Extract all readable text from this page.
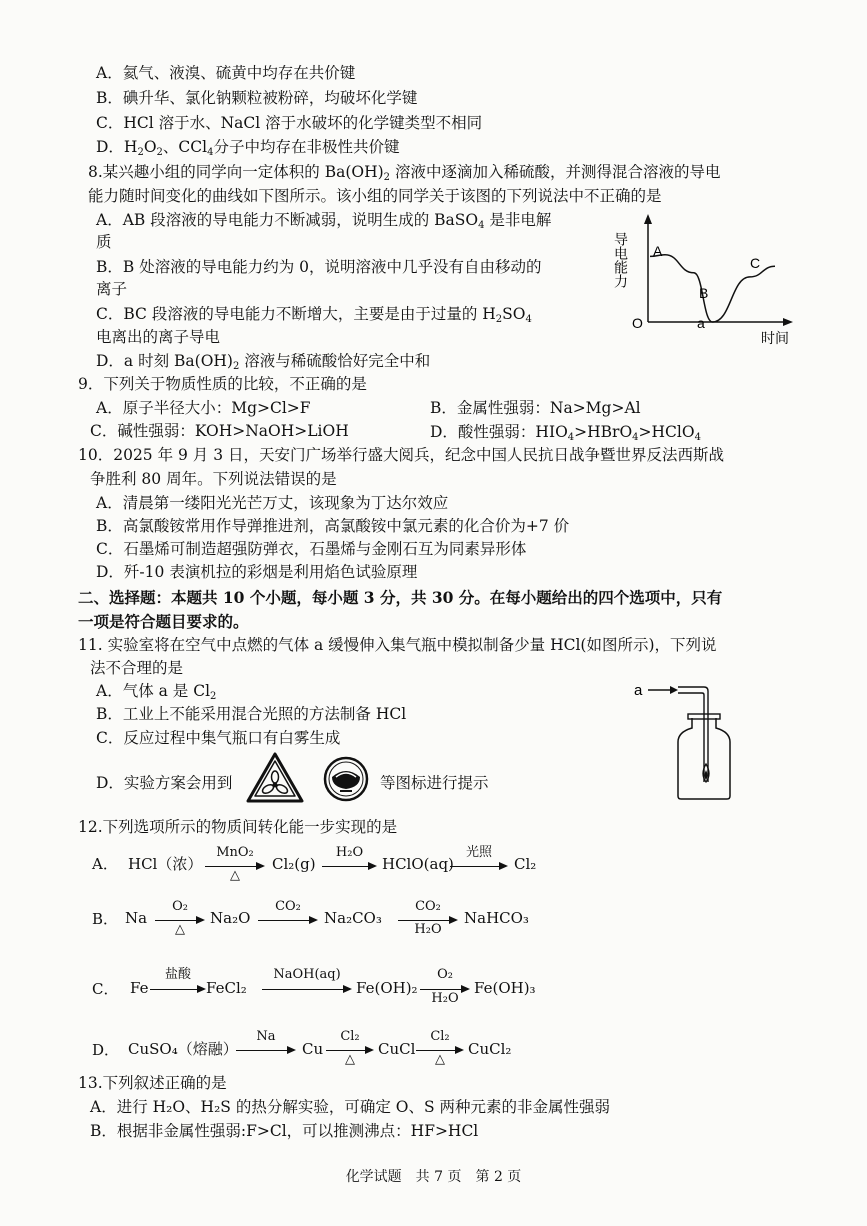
A．氦气、液溴、硫黄中均存在共价键
B．碘升华、氯化钠颗粒被粉碎，均破坏化学键
C．HCl 溶于水、NaCl 溶于水破坏的化学键类型不相同
D．$H_2O_2$、CCl$_4$分子中均存在非极性共价键
8.某兴趣小组的同学向一定体积的 $Ba(OH)_2$ 溶液中逐滴加入稀硫酸，并测得混合溶液的导电
能力随时间变化的曲线如下图所示。该小组的同学关于该图的下列说法中不正确的是
A．AB 段溶液的导电能力不断减弱，说明生成的 BaSO$_4$ 是非电解
质
B．B 处溶液的导电能力约为 0，说明溶液中几乎没有自由移动的
离子
C．BC 段溶液的导电能力不断增大，主要是由于过量的 $H_2SO_4$
电离出的离子导电
D．a 时刻 $Ba(OH)_2$ 溶液与稀硫酸恰好完全中和
导电能力
O
A
B
C
a
时间
9．下列关于物质性质的比较，不正确的是
A．原子半径大小：Mg>Cl>F	B．金属性强弱：Na>Mg>Al
C．碱性强弱：KOH>NaOH>LiOH	D．酸性强弱：$HIO_4>HBrO_4>HClO_4$
10．2025 年 9 月 3 日，天安门广场举行盛大阅兵，纪念中国人民抗日战争暨世界反法西斯战
争胜利 80 周年。下列说法错误的是
A．清晨第一缕阳光光芒万丈，该现象为丁达尔效应
B．高氯酸铵常用作导弹推进剂，高氯酸铵中氯元素的化合价为+7 价
C．石墨烯可制造超强防弹衣，石墨烯与金刚石互为同素异形体
D．歼-10 表演机拉的彩烟是利用焰色试验原理
二、选择题：本题共 10 个小题，每小题 3 分，共 30 分。在每小题给出的四个选项中，只有
一项是符合题目要求的。
11. 实验室将在空气中点燃的气体 a 缓慢伸入集气瓶中模拟制备少量 HCl(如图所示)，下列说
法不合理的是
A．气体 a 是 $Cl_2$
B．工业上不能采用混合光照的方法制备 HCl
C．反应过程中集气瓶口有白雾生成
D．实验方案会用到	等图标进行提示
a
12.下列选项所示的物质间转化能一步实现的是
A． HCl（浓）
MnO₂
△
Cl₂(g)
H₂O
HClO(aq)
光照
Cl₂
B． Na
O₂
△
Na₂O
CO₂
Na₂CO₃
CO₂
H₂O
NaHCO₃
C． Fe
盐酸
FeCl₂
NaOH(aq)
Fe(OH)₂
O₂
H₂O
Fe(OH)₃
D． CuSO₄（熔融）
Na
Cu
Cl₂
△
CuCl
Cl₂
△
CuCl₂
13.下列叙述正确的是
A．进行 H₂O、H₂S 的热分解实验，可确定 O、S 两种元素的非金属性强弱
B．根据非金属性强弱:F>Cl，可以推测沸点：HF>HCl
化学试题　共 7 页　第 2 页
